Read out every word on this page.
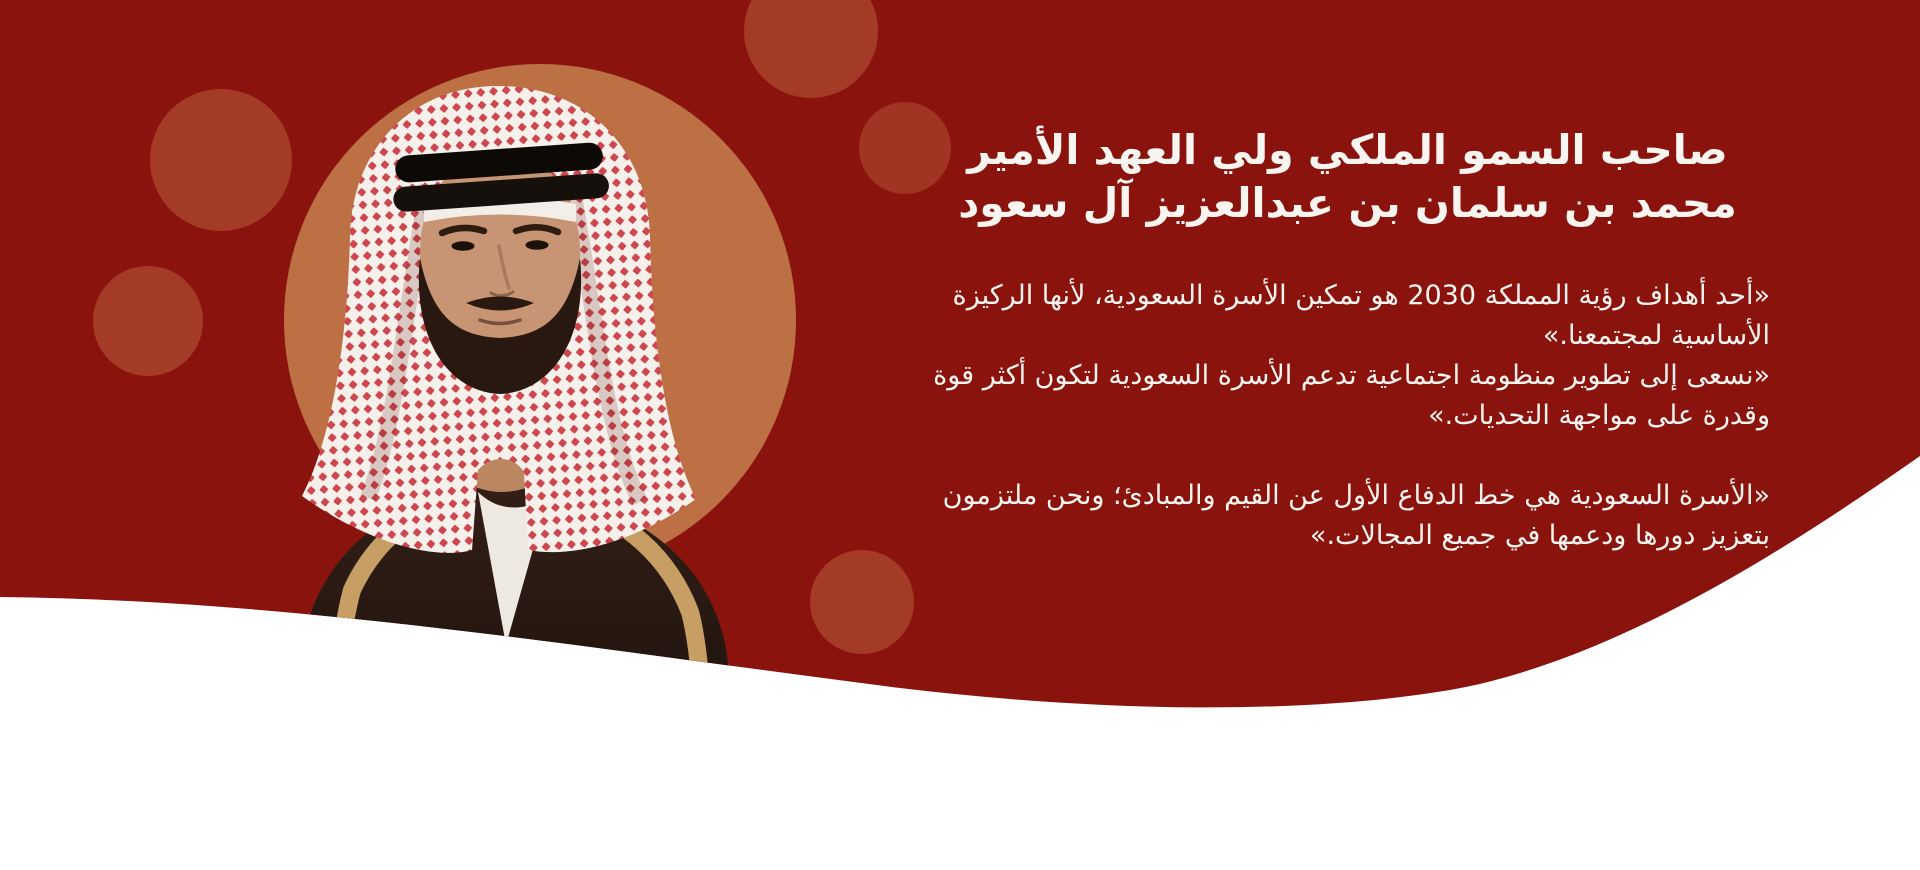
صاحب السمو الملكي ولي العهد الأمير
محمد بن سلمان بن عبدالعزيز آل سعود

«أحد أهداف رؤية المملكة 2030 هو تمكين الأسرة السعودية، لأنها الركيزة الأساسية لمجتمعنا.»

«نسعى إلى تطوير منظومة اجتماعية تدعم الأسرة السعودية لتكون أكثر قوة وقدرة على مواجهة التحديات.»

«الأسرة السعودية هي خط الدفاع الأول عن القيم والمبادئ؛ ونحن ملتزمون بتعزيز دورها ودعمها في جميع المجالات.»
